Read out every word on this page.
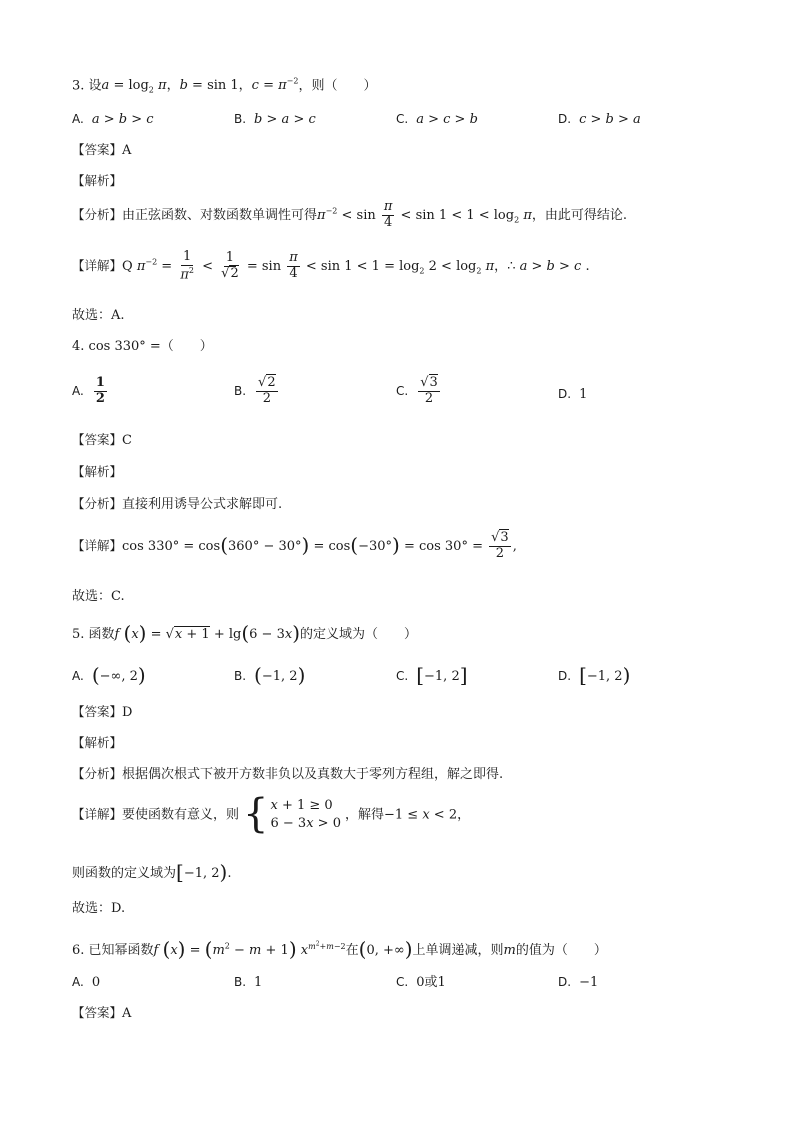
3. 设$a = \log_2 \pi$，b = sin 1，$c = \pi^{-2}$，则（　　）
A. a > b > c	B. b > a > c	C. a > c > b	D. c > b > a
【答案】A
【解析】
【分析】由正弦函数、对数函数单调性可得$\pi^{-2} < \sin \frac{\pi}{4} < \sin 1 < 1 < \log_2 \pi$，由此可得结论.
【详解】Q $\pi^{-2} = \frac{1}{\pi^2} < \frac{1}{√2} = \sin \frac{\pi}{4} < \sin 1 < 1 = \log_2 2 < \log_2 \pi$，∴ a > b > c .
故选：A.
4. cos 330° =（　　）
A. $\frac{1}{2}$	B. $\frac{√2}{2}$	C. $\frac{√3}{2}$	D. 1
【答案】C
【解析】
【分析】直接利用诱导公式求解即可.
【详解】$\cos 330^\circ = \cos(360^\circ - 30^\circ) = \cos(-30^\circ) = \cos 30^\circ = \frac{√3}{2}$ ,
故选：C.
5. 函数f (x) = √x + 1 + lg(6 − 3x)的定义域为（　　）
A. (−∞, 2)	B. (−1, 2)	C. [−1, 2]	D. [−1, 2)
【答案】D
【解析】
【分析】根据偶次根式下被开方数非负以及真数大于零列方程组，解之即得.
【详解】要使函数有意义，则 { x + 1 ≥ 0
6 − 3x > 0
，解得−1 ≤ x < 2，
则函数的定义域为[−1, 2).
故选：D.
6. 已知幂函数f $(x) = (m^2 - m + 1)$ $x^{m^2+m-2}$在(0, +∞)上单调递减，则m的值为（　　）
A. 0	B. 1	C. 0或1	D. −1
【答案】A
